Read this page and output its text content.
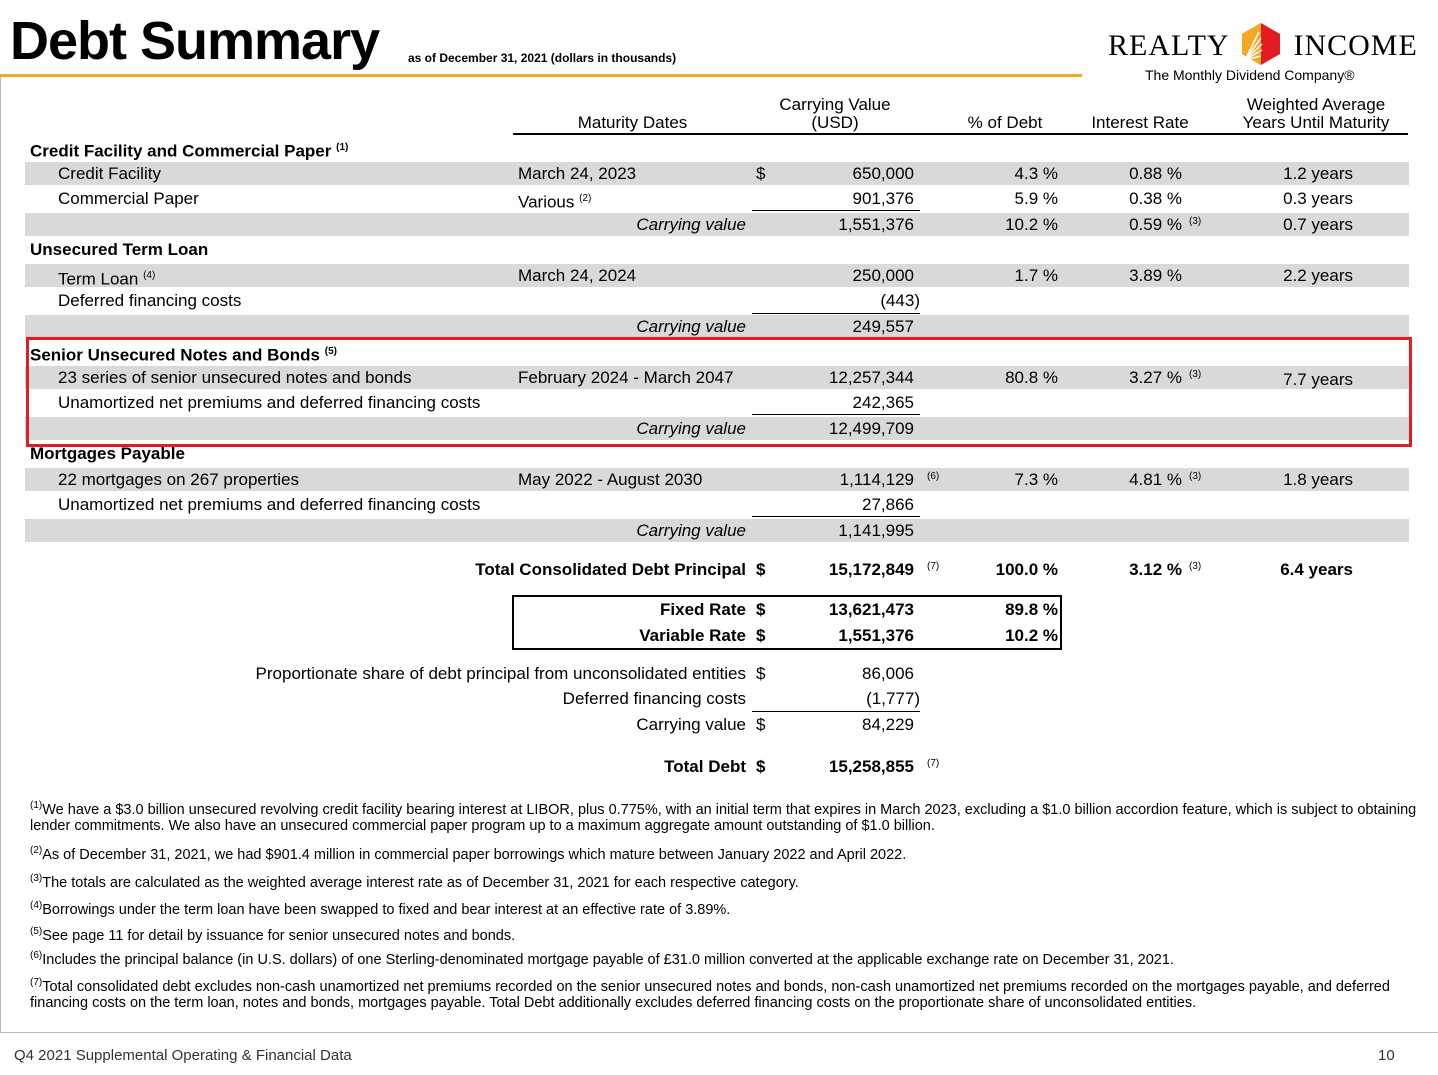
Debt Summary as of December 31, 2021 (dollars in thousands)	REALTY INCOME
The Monthly Dividend Company®
Maturity Dates
Carrying Value
(USD)	% of Debt	Interest Rate
Weighted Average
Years Until Maturity
Credit Facility and Commercial Paper $^{(1)}$
Credit Facility	March 24, 2023	$	650,000	4.3 %	0.88 %	1.2 years
Commercial Paper	Various $^{(2)}$	901,376	5.9 %	0.38 %	0.3 years
Carrying value	1,551,376	10.2 %	0.59 % (3)	0.7 years
Unsecured Term Loan
Term Loan $^{(4)}$	March 24, 2024	250,000	1.7 %	3.89 %	2.2 years
Deferred financing costs	(443)
Carrying value	249,557
Senior Unsecured Notes and Bonds $^{(5)}$
23 series of senior unsecured notes and bonds	February 2024 - March 2047	12,257,344	80.8 %	3.27 % (3)	7.7 years
Unamortized net premiums and deferred financing costs	242,365
Carrying value	12,499,709
Mortgages Payable
22 mortgages on 267 properties	May 2022 - August 2030	1,114,129 (6)	7.3 %	4.81 % (3)	1.8 years
Unamortized net premiums and deferred financing costs	27,866
Carrying value	1,141,995
Total Consolidated Debt Principal $	15,172,849 (7)	100.0 %	3.12 % (3)	6.4 years
Fixed Rate $	13,621,473	89.8 %
Variable Rate $	1,551,376	10.2 %
Proportionate share of debt principal from unconsolidated entities $	86,006
Deferred financing costs	(1,777)
Carrying value $	84,229
Total Debt $	15,258,855 (7)
$^{(1)}$We have a $3.0 billion unsecured revolving credit facility bearing interest at LIBOR, plus 0.775%, with an initial term that expires in March 2023, excluding a $1.0 billion accordion feature, which is subject to obtaining lender commitments. We also have an unsecured commercial paper program up to a maximum aggregate amount outstanding of $1.0 billion.
$^{(2)}$As of December 31, 2021, we had $901.4 million in commercial paper borrowings which mature between January 2022 and April 2022.
$^{(3)}$The totals are calculated as the weighted average interest rate as of December 31, 2021 for each respective category.
$^{(4)}$Borrowings under the term loan have been swapped to fixed and bear interest at an effective rate of 3.89%.
$^{(5)}$See page 11 for detail by issuance for senior unsecured notes and bonds.
$^{(6)}$Includes the principal balance (in U.S. dollars) of one Sterling-denominated mortgage payable of £31.0 million converted at the applicable exchange rate on December 31, 2021.
$^{(7)}$Total consolidated debt excludes non-cash unamortized net premiums recorded on the senior unsecured notes and bonds, non-cash unamortized net premiums recorded on the mortgages payable, and deferred financing costs on the term loan, notes and bonds, mortgages payable. Total Debt additionally excludes deferred financing costs on the proportionate share of unconsolidated entities.
Q4 2021 Supplemental Operating & Financial Data	10
